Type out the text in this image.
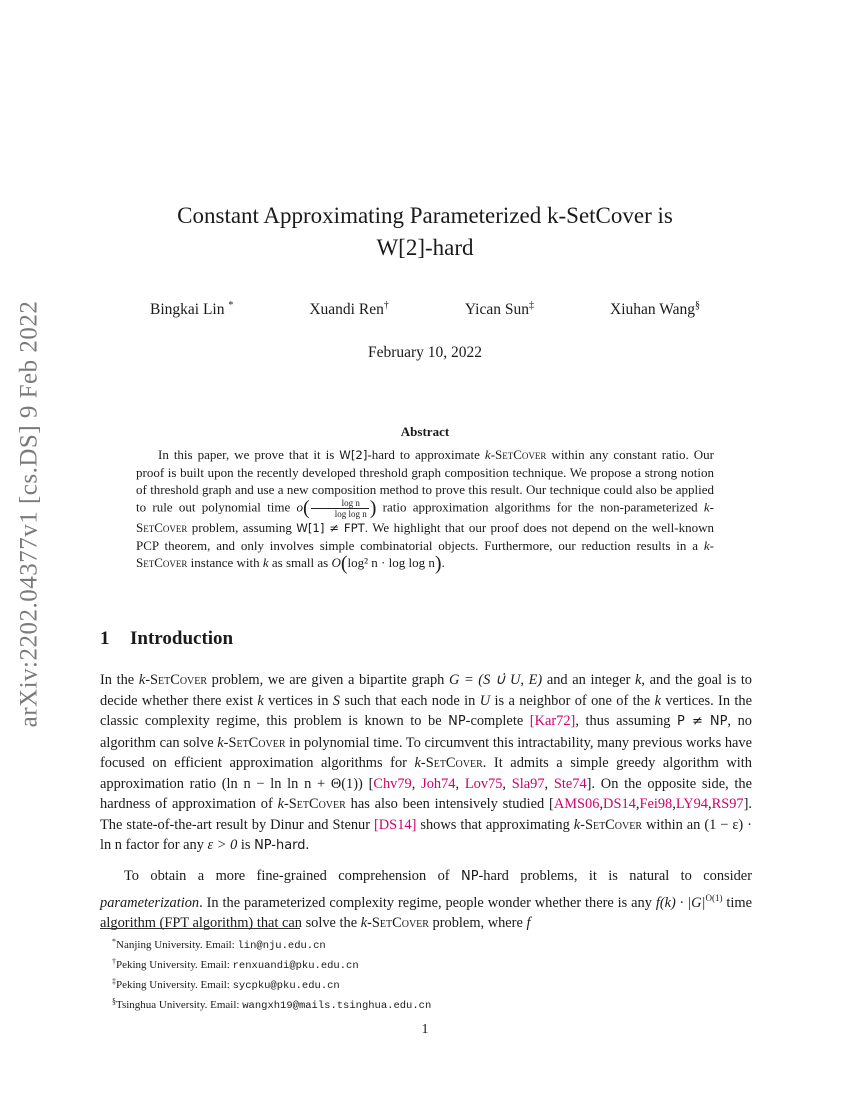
arXiv:2202.04377v1 [cs.DS] 9 Feb 2022
Constant Approximating Parameterized k-SetCover is
W[2]-hard
Bingkai Lin *	Xuandi Ren†	Yican Sun‡	Xiuhan Wang§
February 10, 2022
Abstract
In this paper, we prove that it is W[2]-hard to approximate k-SetCover within any constant ratio. Our proof is built upon the recently developed threshold graph composition technique. We propose a strong notion of threshold graph and use a new composition method to prove this result. Our technique could also be applied to rule out polynomial time $o( \frac{\text{log n}}{\text{log log n}}$ ) ratio approximation algorithms for the non-parameterized k-SetCover problem, assuming W[1] ≠ FPT. We highlight that our proof does not depend on the well-known PCP theorem, and only involves simple combinatorial objects. Furthermore, our reduction results in a k-SetCover instance with k as small as O(log² n · log log n).
1 Introduction
In the k-SetCover problem, we are given a bipartite graph G = (S ∪̇ U, E) and an integer k, and the goal is to decide whether there exist k vertices in S such that each node in U is a neighbor of one of the k vertices. In the classic complexity regime, this problem is known to be NP-complete [Kar72], thus assuming P ≠ NP, no algorithm can solve k-SetCover in polynomial time. To circumvent this intractability, many previous works have focused on efficient approximation algorithms for k-SetCover. It admits a simple greedy algorithm with approximation ratio (ln n − ln ln n + Θ(1)) [Chv79, Joh74, Lov75, Sla97, Ste74]. On the opposite side, the hardness of approximation of k-SetCover has also been intensively studied [AMS06,DS14,Fei98,LY94,RS97]. The state-of-the-art result by Dinur and Stenur [DS14] shows that approximating k-SetCover within an (1 − ε) · ln n factor for any ε > 0 is NP-hard.
To obtain a more fine-grained comprehension of NP-hard problems, it is natural to consider parameterization. In the parameterized complexity regime, people wonder whether there is any $f(k) \cdot |G|^{O(1)}$ time algorithm (FPT algorithm) that can solve the k-SetCover problem, where f
*Nanjing University. Email: lin@nju.edu.cn
†Peking University. Email: renxuandi@pku.edu.cn
‡Peking University. Email: sycpku@pku.edu.cn
§Tsinghua University. Email: wangxh19@mails.tsinghua.edu.cn
1
